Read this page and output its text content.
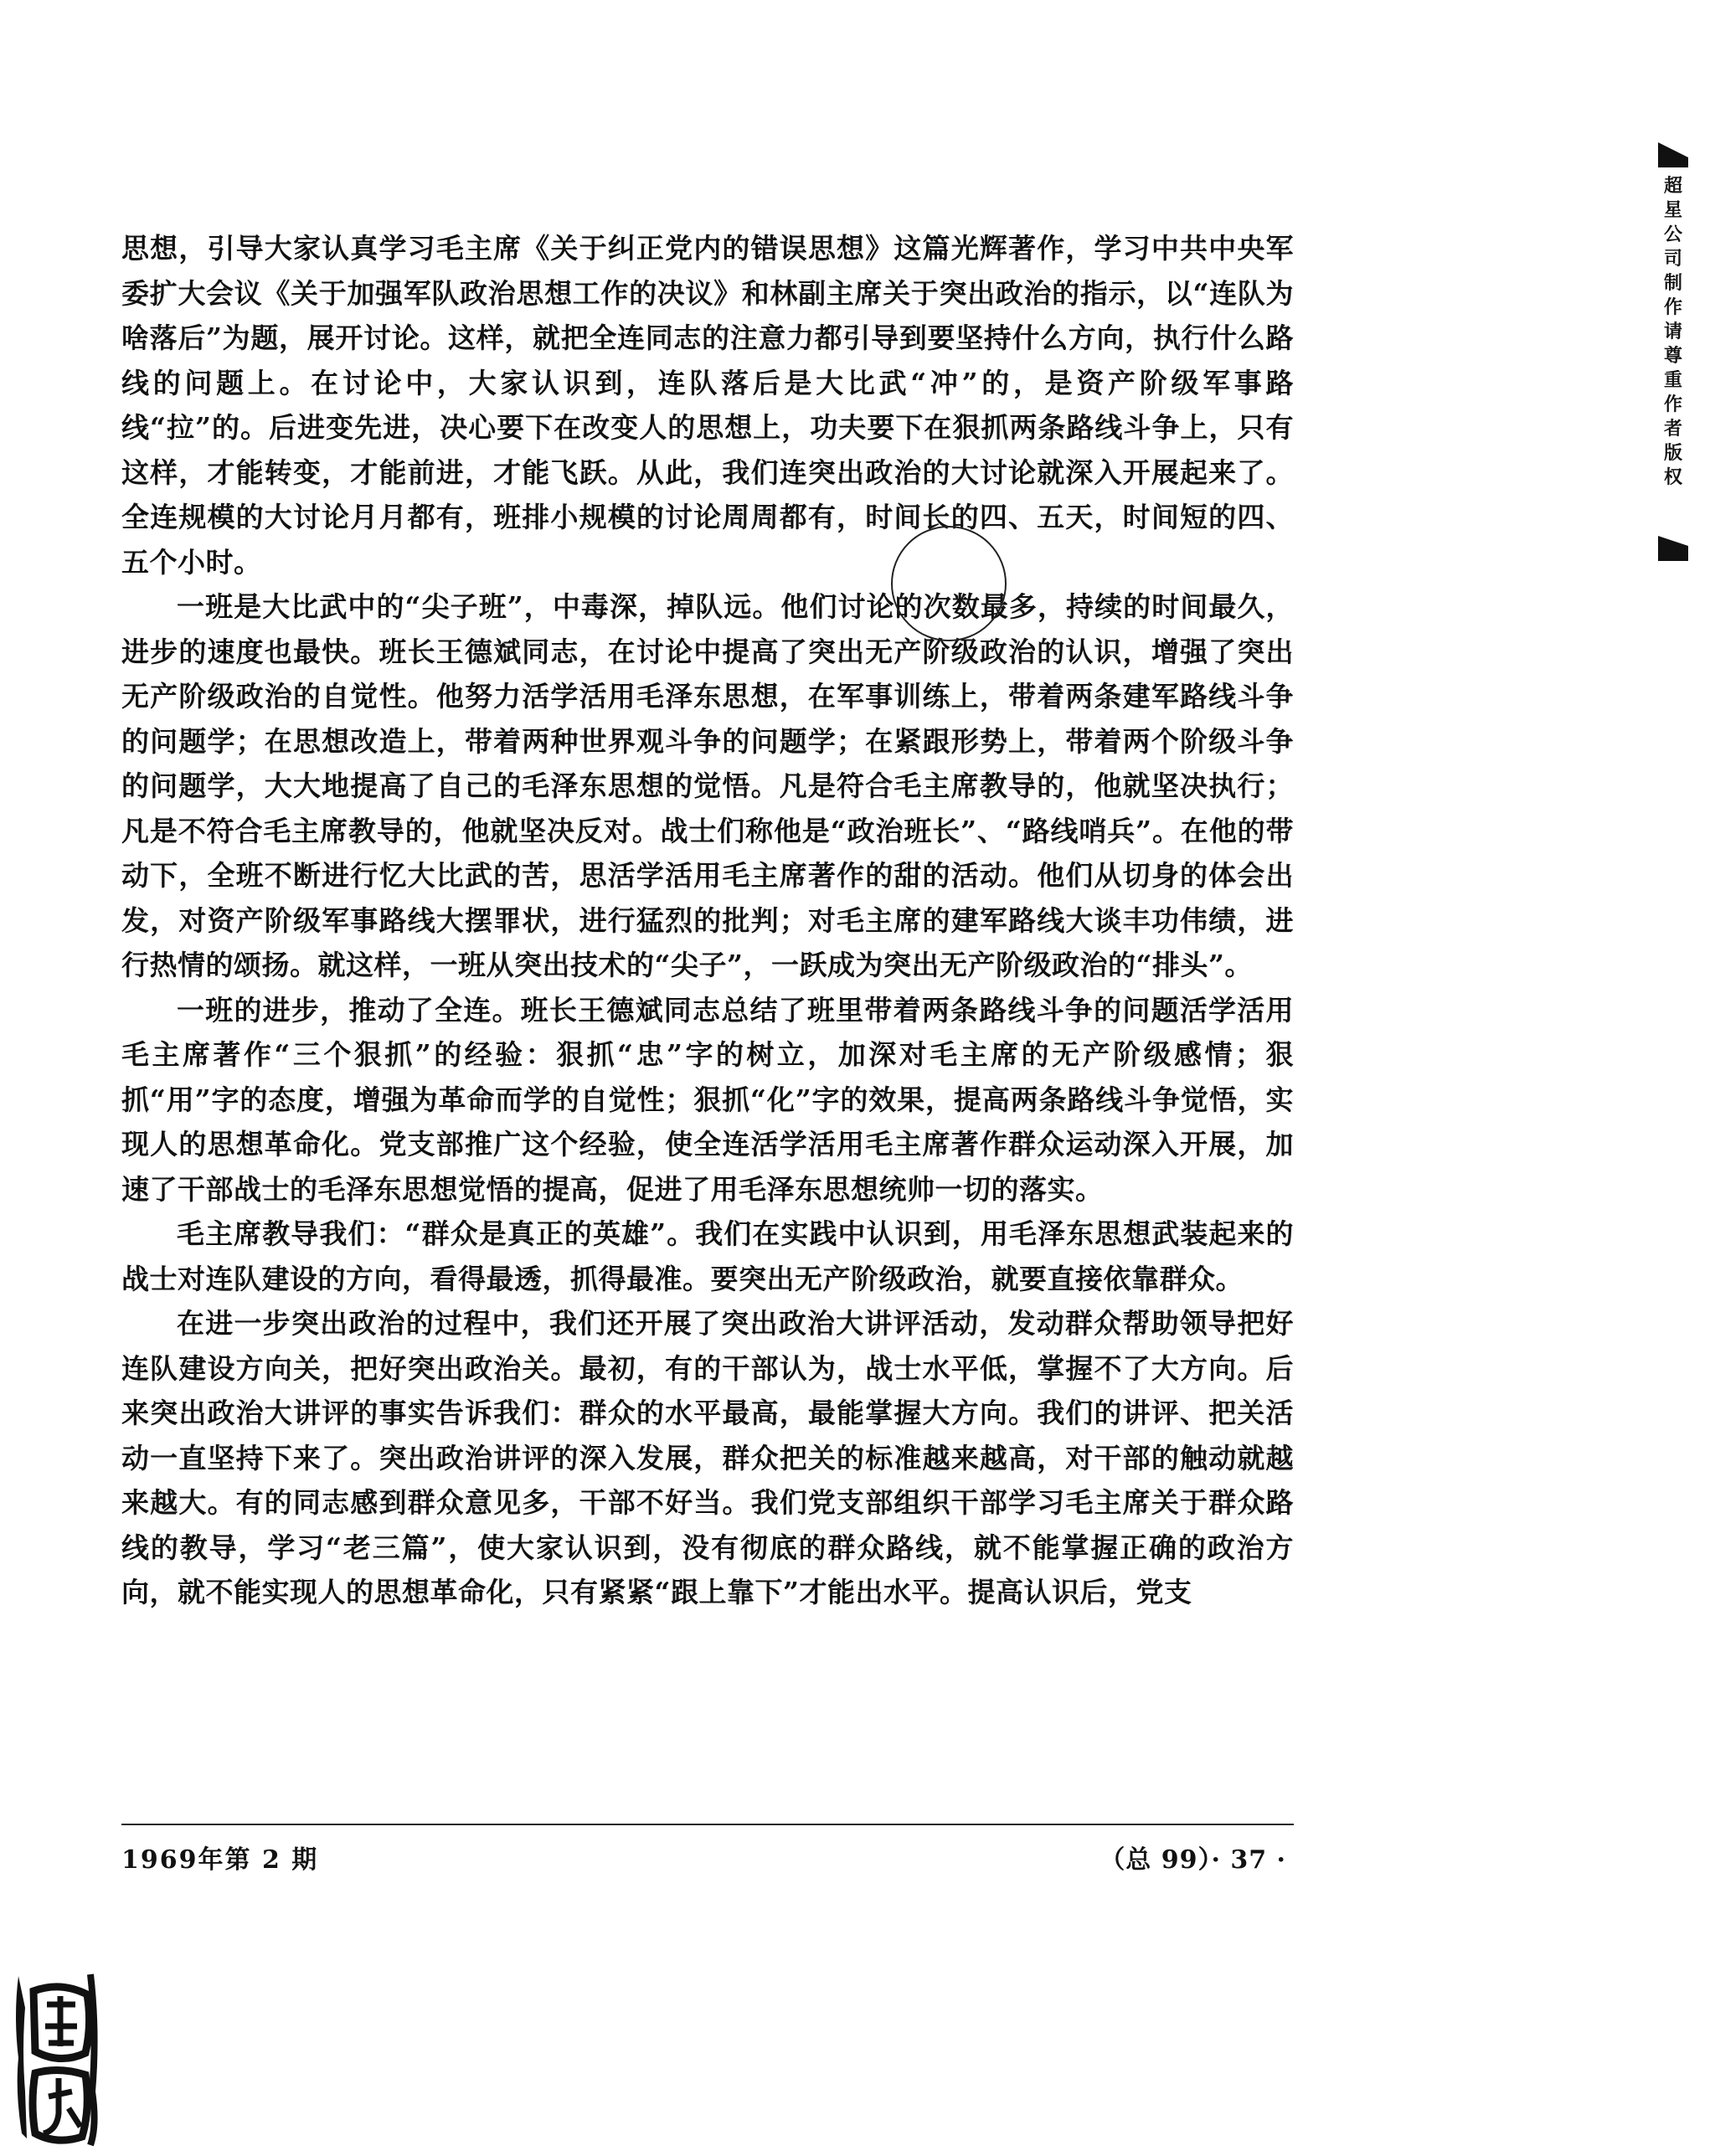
思想，引导大家认真学习毛主席《关于纠正党内的错误思想》这篇光辉著作，学习中共中央军委扩大会议《关于加强军队政治思想工作的决议》和林副主席关于突出政治的指示，以“连队为啥落后”为题，展开讨论。这样，就把全连同志的注意力都引导到要坚持什么方向，执行什么路线的问题上。在讨论中，大家认识到，连队落后是大比武“冲”的，是资产阶级军事路线“拉”的。后进变先进，决心要下在改变人的思想上，功夫要下在狠抓两条路线斗争上，只有这样，才能转变，才能前进，才能飞跃。从此，我们连突出政治的大讨论就深入开展起来了。全连规模的大讨论月月都有，班排小规模的讨论周周都有，时间长的四、五天，时间短的四、五个小时。

一班是大比武中的“尖子班”，中毒深，掉队远。他们讨论的次数最多，持续的时间最久，进步的速度也最快。班长王德斌同志，在讨论中提高了突出无产阶级政治的认识，增强了突出无产阶级政治的自觉性。他努力活学活用毛泽东思想，在军事训练上，带着两条建军路线斗争的问题学；在思想改造上，带着两种世界观斗争的问题学；在紧跟形势上，带着两个阶级斗争的问题学，大大地提高了自己的毛泽东思想的觉悟。凡是符合毛主席教导的，他就坚决执行；凡是不符合毛主席教导的，他就坚决反对。战士们称他是“政治班长”、“路线哨兵”。在他的带动下，全班不断进行忆大比武的苦，思活学活用毛主席著作的甜的活动。他们从切身的体会出发，对资产阶级军事路线大摆罪状，进行猛烈的批判；对毛主席的建军路线大谈丰功伟绩，进行热情的颂扬。就这样，一班从突出技术的“尖子”，一跃成为突出无产阶级政治的“排头”。

一班的进步，推动了全连。班长王德斌同志总结了班里带着两条路线斗争的问题活学活用毛主席著作“三个狠抓”的经验：狠抓“忠”字的树立，加深对毛主席的无产阶级感情；狠抓“用”字的态度，增强为革命而学的自觉性；狠抓“化”字的效果，提高两条路线斗争觉悟，实现人的思想革命化。党支部推广这个经验，使全连活学活用毛主席著作群众运动深入开展，加速了干部战士的毛泽东思想觉悟的提高，促进了用毛泽东思想统帅一切的落实。

毛主席教导我们：“群众是真正的英雄”。我们在实践中认识到，用毛泽东思想武装起来的战士对连队建设的方向，看得最透，抓得最准。要突出无产阶级政治，就要直接依靠群众。

在进一步突出政治的过程中，我们还开展了突出政治大讲评活动，发动群众帮助领导把好连队建设方向关，把好突出政治关。最初，有的干部认为，战士水平低，掌握不了大方向。后来突出政治大讲评的事实告诉我们：群众的水平最高，最能掌握大方向。我们的讲评、把关活动一直坚持下来了。突出政治讲评的深入发展，群众把关的标准越来越高，对干部的触动就越来越大。有的同志感到群众意见多，干部不好当。我们党支部组织干部学习毛主席关于群众路线的教导，学习“老三篇”，使大家认识到，没有彻底的群众路线，就不能掌握正确的政治方向，就不能实现人的思想革命化，只有紧紧“跟上靠下”才能出水平。提高认识后，党支

1969年第 2 期	（总 99）· 37 ·
超星公司制作请尊重作者版权
